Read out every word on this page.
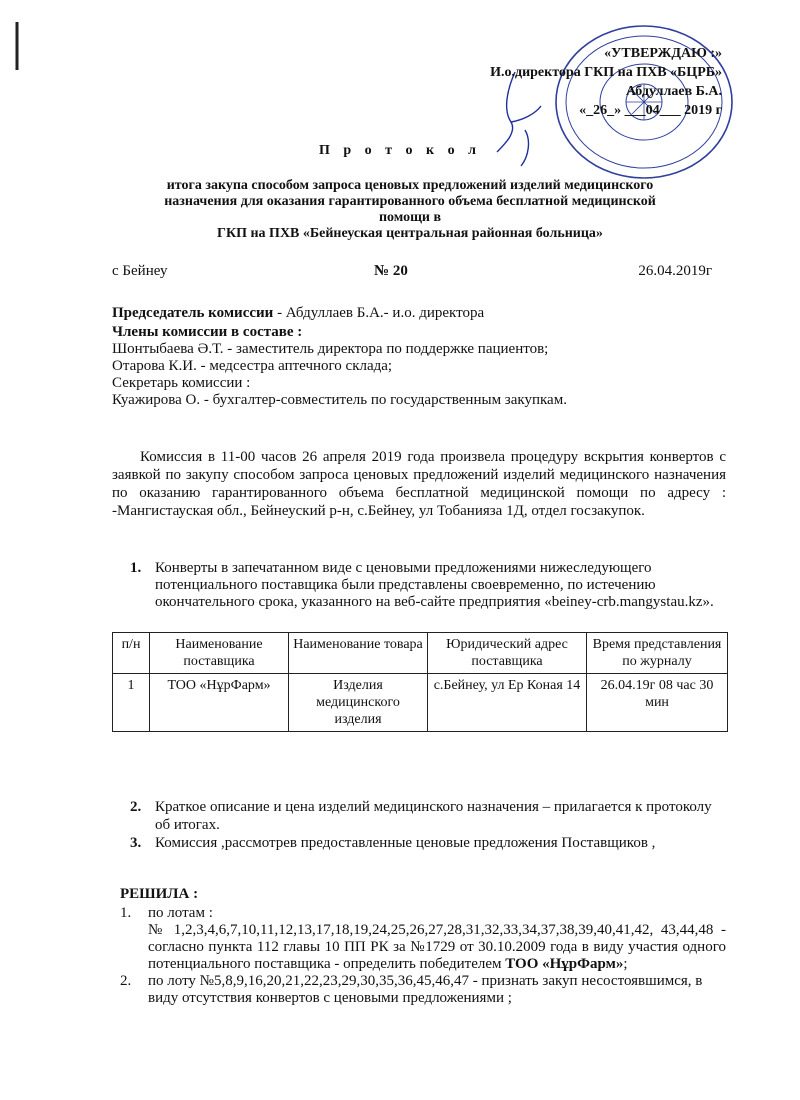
«УТВЕРЖДАЮ :»
И.о.директора ГКП на ПХВ «БЦРБ»
Абдуллаев Б.А.
«_26_» ___04___ 2019 г
П р о т о к о л
итога закупа способом запроса ценовых предложений изделий медицинского
назначения для оказания гарантированного объема бесплатной медицинской
помощи в
ГКП на ПХВ «Бейнеуская центральная районная больница»
с Бейнеу	№ 20	26.04.2019г
Председатель комиссии - Абдуллаев Б.А.- и.о. директора
Члены комиссии в составе :
Шонтыбаева Ә.Т. - заместитель директора по поддержке пациентов;
Отарова К.И. - медсестра аптечного склада;
Секретарь комиссии :
Куажирова О. - бухгалтер-совместитель по государственным закупкам.
Комиссия в 11-00 часов 26 апреля 2019 года произвела процедуру вскрытия конвертов с заявкой по закупу способом запроса ценовых предложений изделий медицинского назначения по оказанию гарантированного объема бесплатной медицинской помощи по адресу : -Мангистауская обл., Бейнеуский р-н, с.Бейнеу, ул Тобанияза 1Д, отдел госзакупок.
1. Конверты в запечатанном виде с ценовыми предложениями нижеследующего потенциального поставщика были представлены своевременно, по истечению окончательного срока, указанного на веб-сайте предприятия «beiney-crb.mangystau.kz».
п/н	Наименование поставщика	Наименование товара	Юридический адрес поставщика	Время представления по журналу
1	ТОО «НұрФарм»	Изделия медицинского изделия	с.Бейнеу, ул Ер Коная 14	26.04.19г 08 час 30 мин
2. Краткое описание и цена изделий медицинского назначения – прилагается к протоколу об итогах.
3. Комиссия ,рассмотрев предоставленные ценовые предложения Поставщиков ,
РЕШИЛА :
1. по лотам :
№ 1,2,3,4,6,7,10,11,12,13,17,18,19,24,25,26,27,28,31,32,33,34,37,38,39,40,41,42, 43,44,48 - согласно пункта 112 главы 10 ПП РК за №1729 от 30.10.2009 года в виду участия одного потенциального поставщика - определить победителем ТОО «НұрФарм»;
2. по лоту №5,8,9,16,20,21,22,23,29,30,35,36,45,46,47 - признать закуп несостоявшимся, в виду отсутствия конвертов с ценовыми предложениями ;
